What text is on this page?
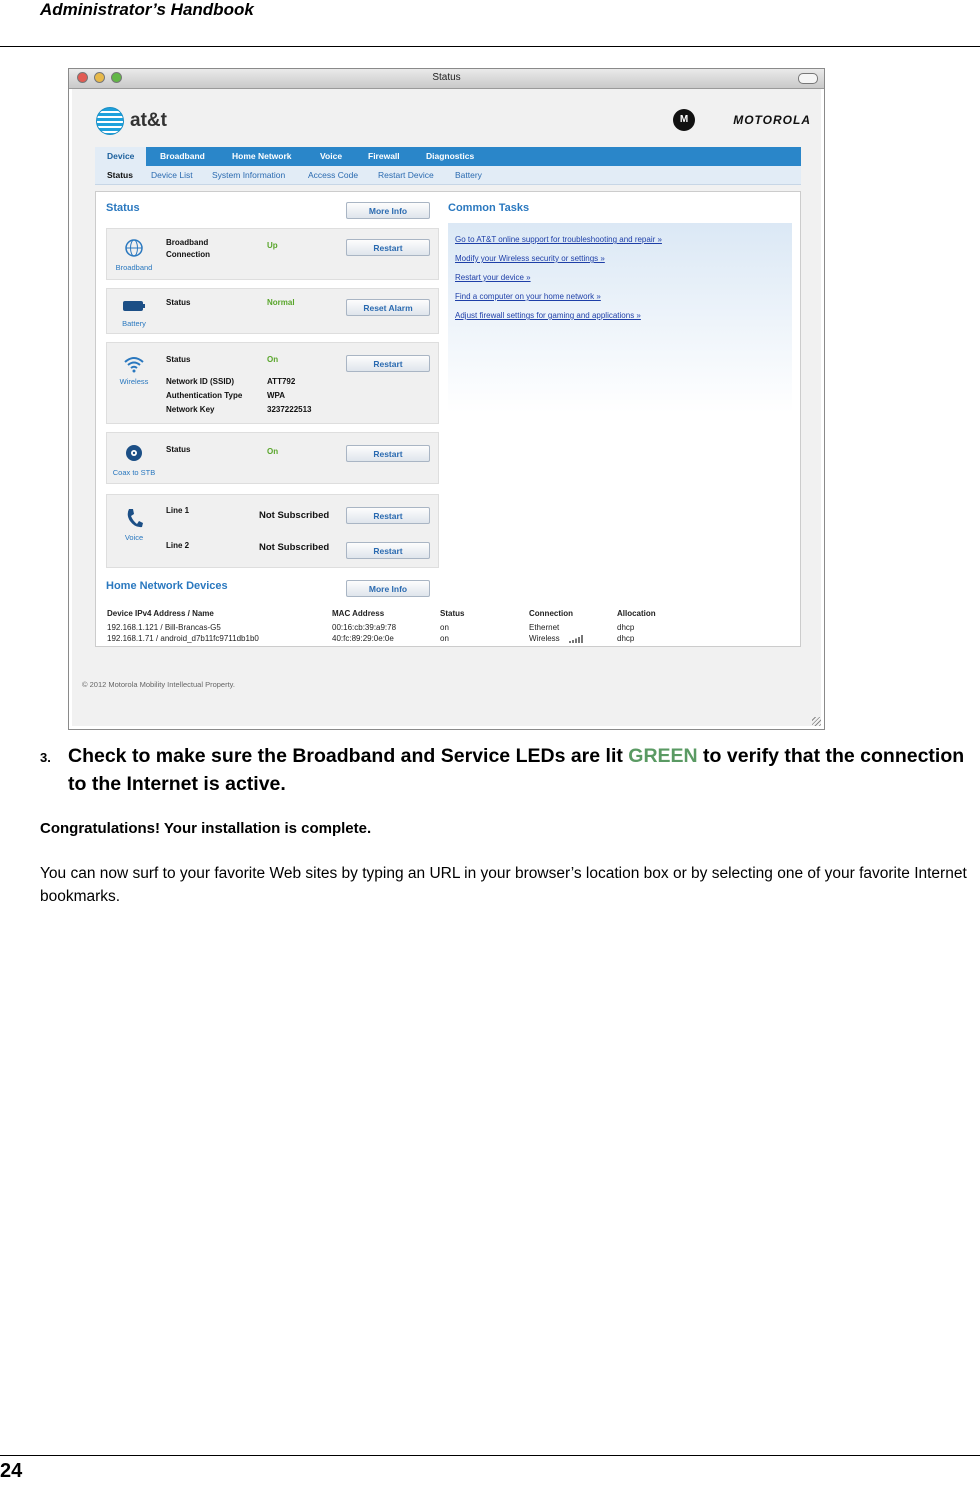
Administrator’s Handbook
Status
at&t	M	MOTOROLA
Device	Broadband	Home Network	Voice	Firewall	Diagnostics
Status Device List System Information	Access Code Restart Device	Battery
Status	More Info
Broadband
Broadband
Connection
Up	Restart
Battery
Status	Normal
Reset Alarm
Wireless
Status	On
Network ID (SSID)	ATT792
Authentication Type	WPA
Network Key	3237222513
Restart
Coax to STB
Status	On	Restart
Voice
Line 1	Not Subscribed	Restart
Line 2	Not Subscribed	Restart
Go to AT&T online support for troubleshooting and repair »
Modify your Wireless security or settings »
Restart your device »
Find a computer on your home network »
Adjust firewall settings for gaming and applications »
Common Tasks
Home Network Devices	More Info
Device IPv4 Address / Name	MAC Address	Status	Connection	Allocation
192.168.1.121 / Bill-Brancas-G5	00:16:cb:39:a9:78	on	Ethernet	dhcp
192.168.1.71 / android_d7b11fc9711db1b0	40:fc:89:29:0e:0e	on	Wireless	dhcp
© 2012 Motorola Mobility Intellectual Property.
3. Check to make sure the Broadband and Service LEDs are lit GREEN to verify that the connection to the Internet is active.
Congratulations! Your installation is complete.
You can now surf to your favorite Web sites by typing an URL in your browser’s location box or by selecting one of your favorite Internet bookmarks.
24
